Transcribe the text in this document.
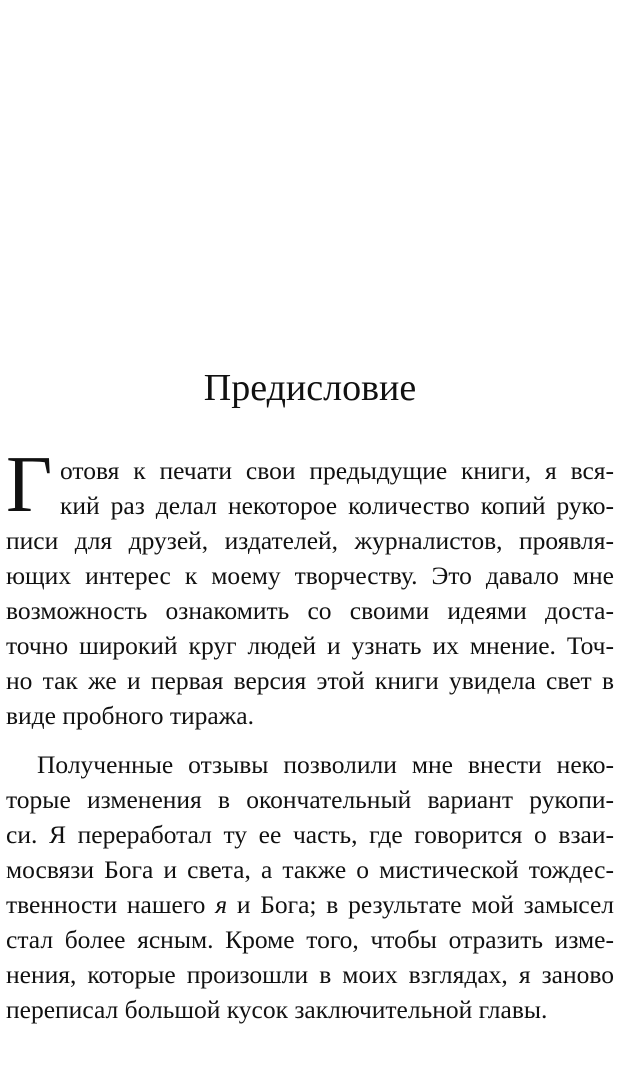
Предисловие
Г отовя к печати свои предыдущие книги, я вся-
кий раз делал некоторое количество копий руко-
писи для друзей, издателей, журналистов, проявля-
ющих интерес к моему творчеству. Это давало мне
возможность ознакомить со своими идеями доста-
точно широкий круг людей и узнать их мнение. Точ-
но так же и первая версия этой книги увидела свет в
виде пробного тиража.
Полученные отзывы позволили мне внести неко-
торые изменения в окончательный вариант рукопи-
си. Я переработал ту ее часть, где говорится о взаи-
мосвязи Бога и света, а также о мистической тождес-
твенности нашего я и Бога; в результате мой замысел
стал более ясным. Кроме того, чтобы отразить изме-
нения, которые произошли в моих взглядах, я заново
переписал большой кусок заключительной главы.
